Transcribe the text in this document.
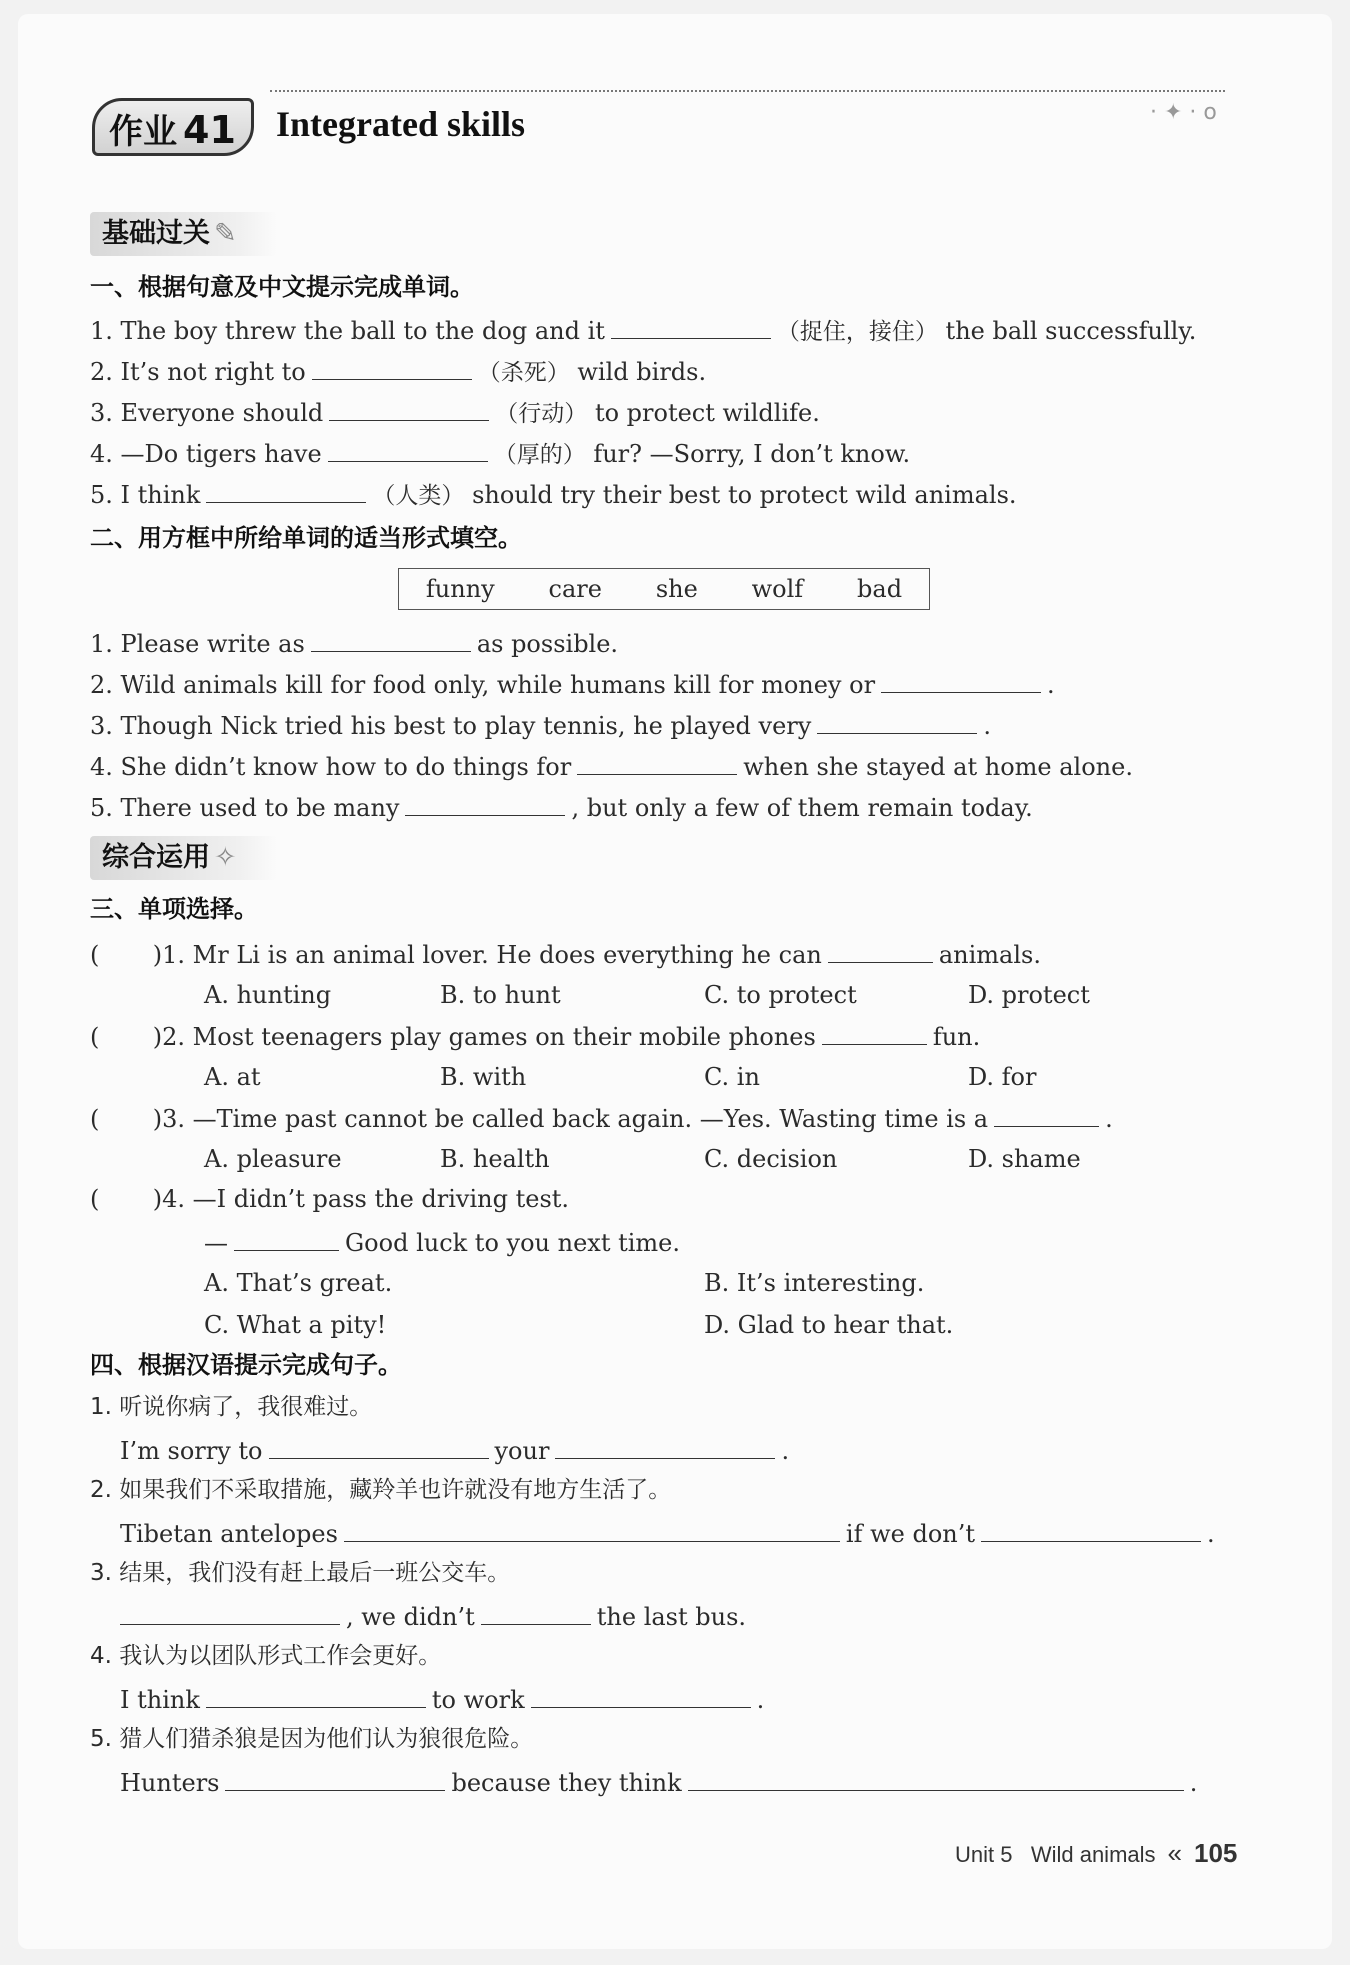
作业 41	Integrated skills	· ✦ · o
基础过关 ✎
一、根据句意及中文提示完成单词。
1. The boy threw the ball to the dog and it	（捉住，接住） the ball successfully.
2. It’s not right to	（杀死） wild birds.
3. Everyone should	（行动） to protect wildlife.
4. —Do tigers have	（厚的） fur? —Sorry, I don’t know.
5. I think	（人类） should try their best to protect wild animals.
二、用方框中所给单词的适当形式填空。
funny care she wolf bad
1. Please write as	as possible.
2. Wild animals kill for food only, while humans kill for money or	.
3. Though Nick tried his best to play tennis, he played very	.
4. She didn’t know how to do things for	when she stayed at home alone.
5. There used to be many	, but only a few of them remain today.
综合运用 ✧
三、单项选择。
(       )1. Mr Li is an animal lover. He does everything he can	animals.
A. hunting	B. to hunt	C. to protect	D. protect
(       )2. Most teenagers play games on their mobile phones	fun.
A. at	B. with	C. in	D. for
(       )3. —Time past cannot be called back again. —Yes. Wasting time is a	.
A. pleasure	B. health	C. decision	D. shame
(       )4. —I didn’t pass the driving test.
—	Good luck to you next time.
A. That’s great.	B. It’s interesting.
C. What a pity!	D. Glad to hear that.
四、根据汉语提示完成句子。
1. 听说你病了，我很难过。
I’m sorry to	your	.
2. 如果我们不采取措施，藏羚羊也许就没有地方生活了。
Tibetan antelopes	if we don’t	.
3. 结果，我们没有赶上最后一班公交车。
, we didn’t	the last bus.
4. 我认为以团队形式工作会更好。
I think	to work	.
5. 猎人们猎杀狼是因为他们认为狼很危险。
Hunters	because they think	.
Unit 5 Wild animals « 105
